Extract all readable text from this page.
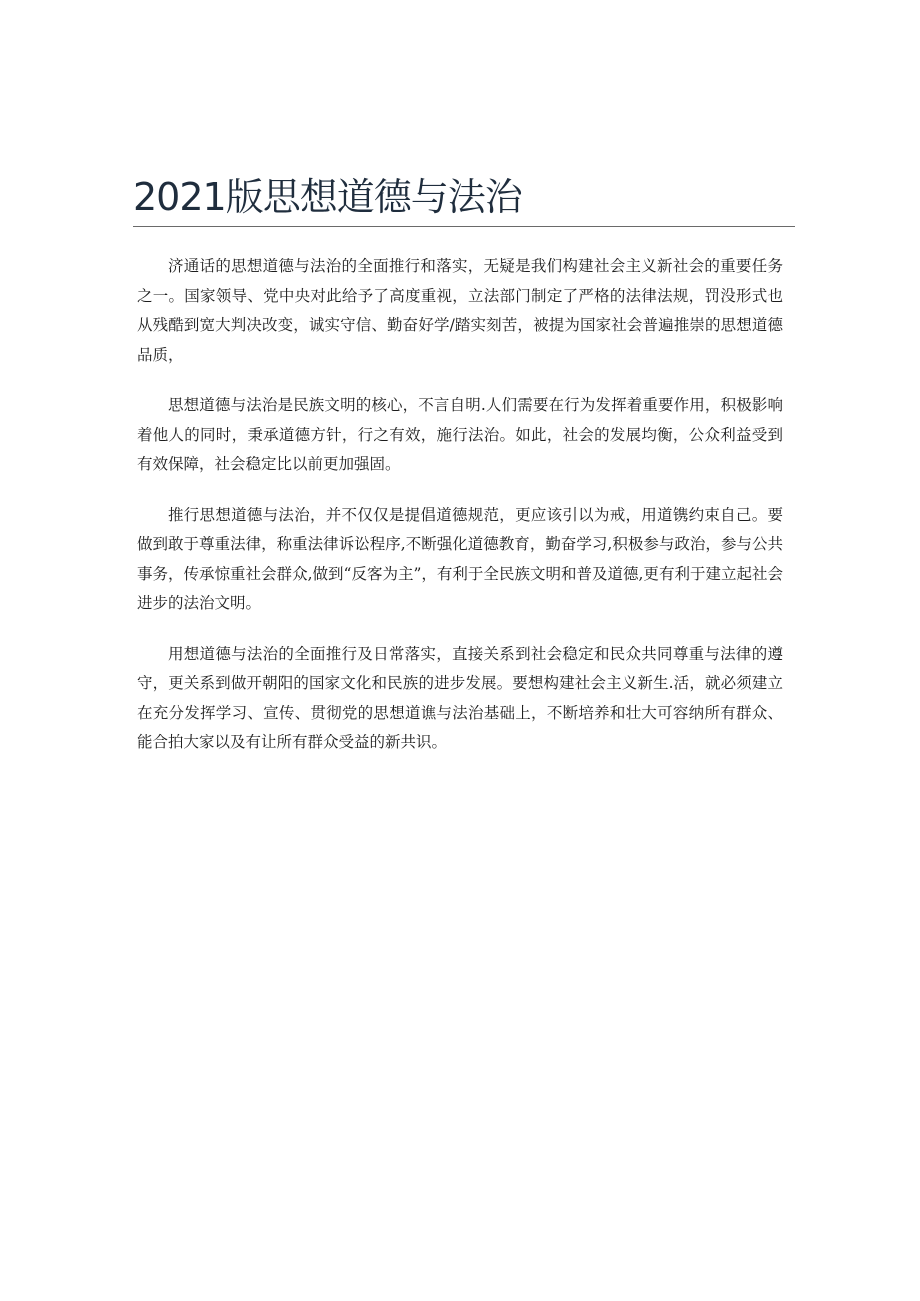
2021版思想道德与法治

济通话的思想道德与法治的全面推行和落实，无疑是我们构建社会主义新社会的重要任务之一。国家领导、党中央对此给予了高度重视，立法部门制定了严格的法律法规，罚没形式也从残酷到宽大判决改变，诚实守信、勤奋好学/踏实刻苦，被提为国家社会普遍推崇的思想道德品质，

思想道德与法治是民族文明的核心，不言自明.人们需要在行为发挥着重要作用，积极影响着他人的同时，秉承道德方针，行之有效，施行法治。如此，社会的发展均衡，公众利益受到有效保障，社会稳定比以前更加强固。

推行思想道德与法治，并不仅仅是提倡道德规范，更应该引以为戒，用道镌约束自己。要做到敢于尊重法律，称重法律诉讼程序,不断强化道德教育，勤奋学习,积极参与政治，参与公共事务，传承惊重社会群众,做到“反客为主”，有利于全民族文明和普及道德,更有利于建立起社会进步的法治文明。

用想道德与法治的全面推行及日常落实，直接关系到社会稳定和民众共同尊重与法律的遵守，更关系到做开朝阳的国家文化和民族的进步发展。要想构建社会主义新生.活，就必须建立在充分发挥学习、宣传、贯彻党的思想道谯与法治基础上，不断培养和壮大可容纳所有群众、能合拍大家以及有让所有群众受益的新共识。
